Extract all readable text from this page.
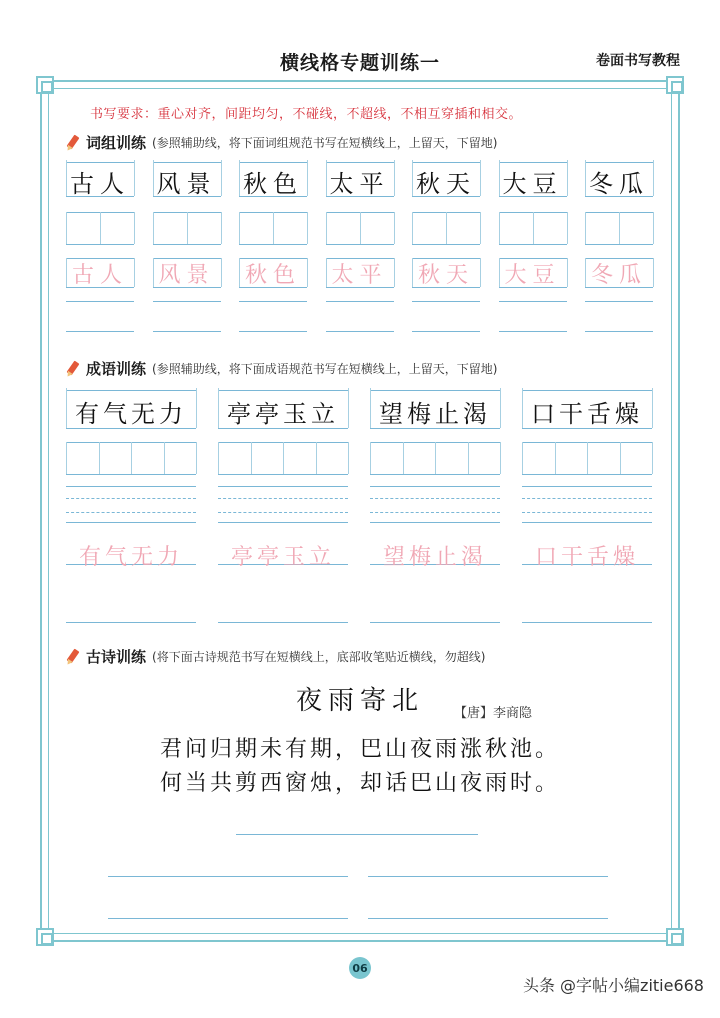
横线格专题训练一	卷面书写教程
书写要求：重心对齐，间距均匀，不碰线，不超线，不相互穿插和相交。
词组训练 (参照辅助线，将下面词组规范书写在短横线上，上留天，下留地)
古人
古人
风景
风景
秋色
秋色
太平
太平
秋天
秋天
大豆
大豆
冬瓜
冬瓜
成语训练 (参照辅助线，将下面成语规范书写在短横线上，上留天，下留地)
有气无力
有气无力
亭亭玉立
亭亭玉立
望梅止渴
望梅止渴
口干舌燥
口干舌燥
古诗训练 (将下面古诗规范书写在短横线上，底部收笔贴近横线，勿超线)
夜雨寄北	【唐】李商隐
君问归期未有期，巴山夜雨涨秋池。
何当共剪西窗烛，却话巴山夜雨时。
06
头条 @字帖小编zitie668
